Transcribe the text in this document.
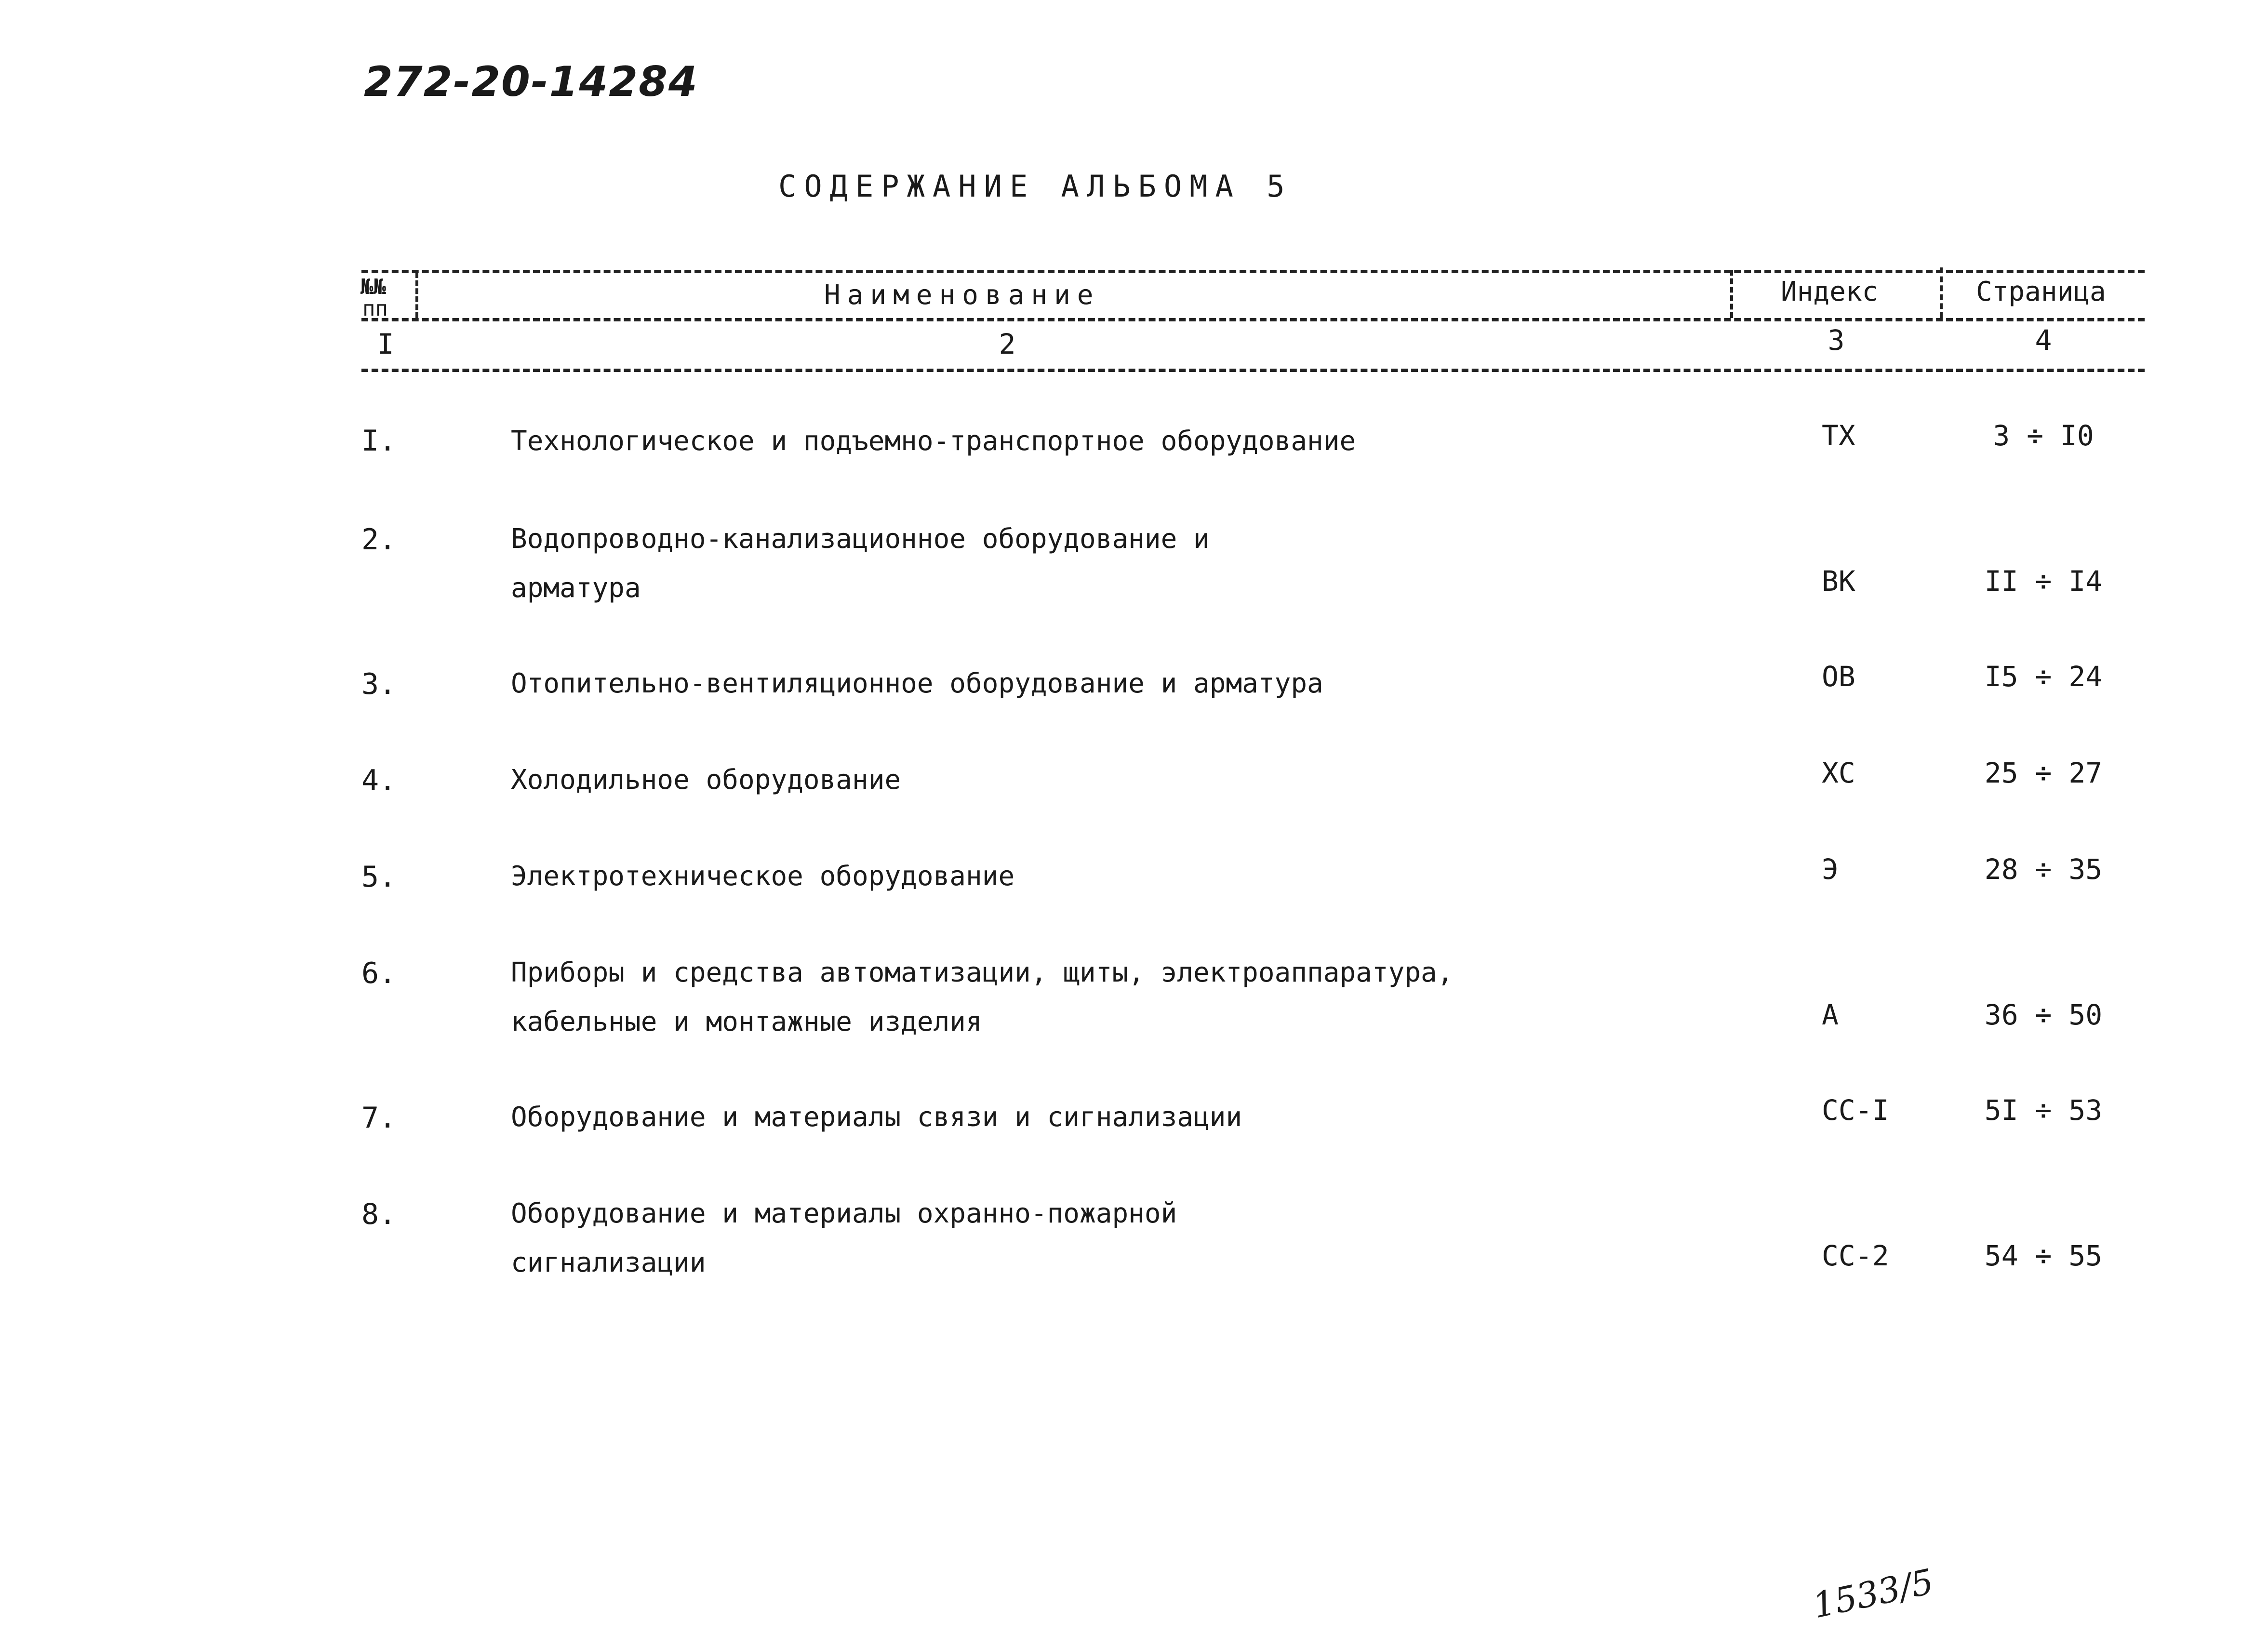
272-20-14284
СОДЕРЖАНИЕ АЛЬБОМА 5
№№
пп	Наименование	Индекс	Страница
I	2	3	4
I.	Технологическое и подъемно-транспортное оборудование	ТХ	3 ÷ I0
2.	Водопроводно-канализационное оборудование и
арматура	ВК	II ÷ I4
3.	Отопительно-вентиляционное оборудование и арматура	ОВ	I5 ÷ 24
4.	Холодильное оборудование	ХС	25 ÷ 27
5.	Электротехническое оборудование	Э	28 ÷ 35
6.	Приборы и средства автоматизации, щиты, электроаппаратура,
кабельные и монтажные изделия	А	36 ÷ 50
7.	Оборудование и материалы связи и сигнализации	СС-I	5I ÷ 53
8.	Оборудование и материалы охранно-пожарной
сигнализации	СС-2	54 ÷ 55
1533/5
